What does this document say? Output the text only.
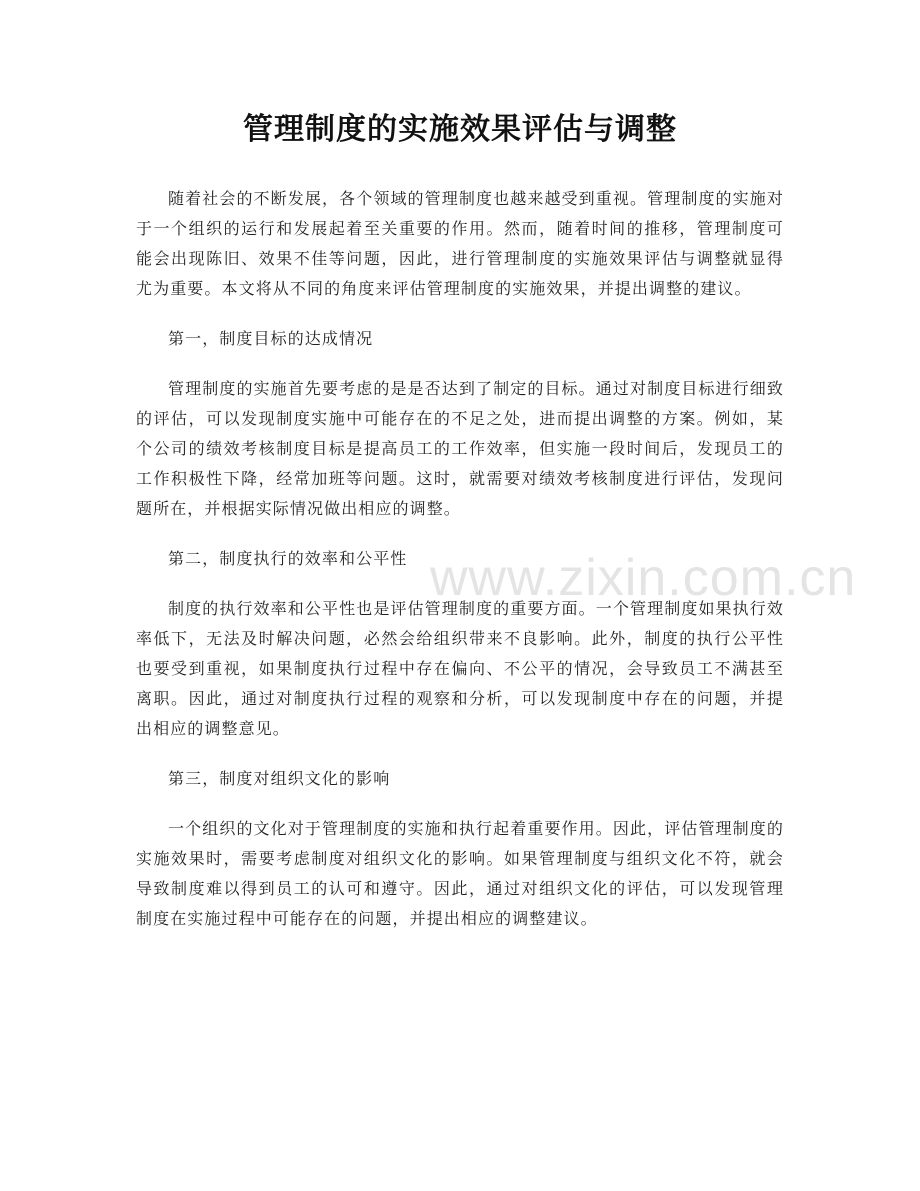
管理制度的实施效果评估与调整

随着社会的不断发展，各个领域的管理制度也越来越受到重视。管理制度的实施对于一个组织的运行和发展起着至关重要的作用。然而，随着时间的推移，管理制度可能会出现陈旧、效果不佳等问题，因此，进行管理制度的实施效果评估与调整就显得尤为重要。本文将从不同的角度来评估管理制度的实施效果，并提出调整的建议。

第一，制度目标的达成情况

管理制度的实施首先要考虑的是是否达到了制定的目标。通过对制度目标进行细致的评估，可以发现制度实施中可能存在的不足之处，进而提出调整的方案。例如，某个公司的绩效考核制度目标是提高员工的工作效率，但实施一段时间后，发现员工的工作积极性下降，经常加班等问题。这时，就需要对绩效考核制度进行评估，发现问题所在，并根据实际情况做出相应的调整。

第二，制度执行的效率和公平性

制度的执行效率和公平性也是评估管理制度的重要方面。一个管理制度如果执行效率低下，无法及时解决问题，必然会给组织带来不良影响。此外，制度的执行公平性也要受到重视，如果制度执行过程中存在偏向、不公平的情况，会导致员工不满甚至离职。因此，通过对制度执行过程的观察和分析，可以发现制度中存在的问题，并提出相应的调整意见。

第三，制度对组织文化的影响

一个组织的文化对于管理制度的实施和执行起着重要作用。因此，评估管理制度的实施效果时，需要考虑制度对组织文化的影响。如果管理制度与组织文化不符，就会导致制度难以得到员工的认可和遵守。因此，通过对组织文化的评估，可以发现管理制度在实施过程中可能存在的问题，并提出相应的调整建议。

www.zixin.com.cn
